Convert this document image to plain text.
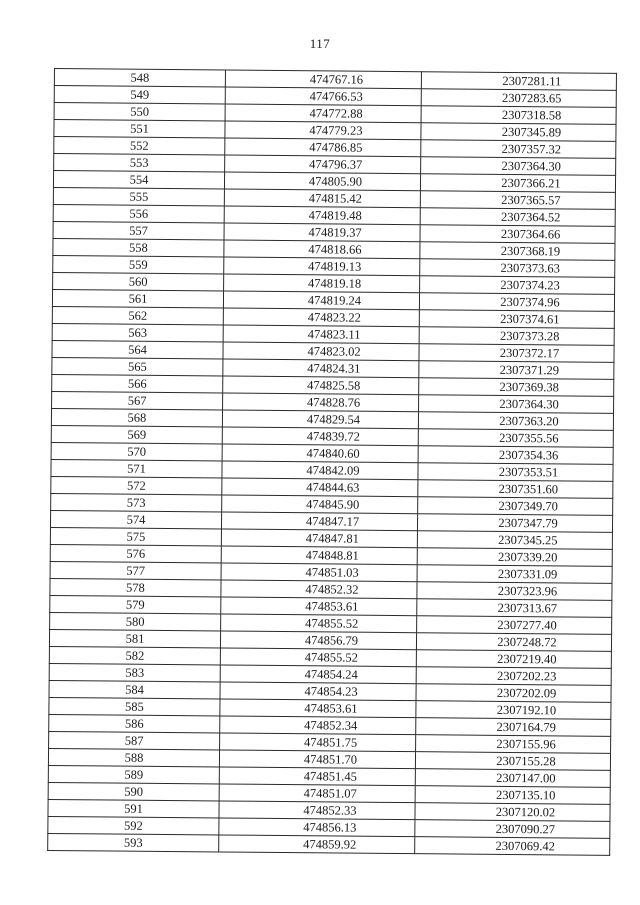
117
548	474767.16	2307281.11
549	474766.53	2307283.65
550	474772.88	2307318.58
551	474779.23	2307345.89
552	474786.85	2307357.32
553	474796.37	2307364.30
554	474805.90	2307366.21
555	474815.42	2307365.57
556	474819.48	2307364.52
557	474819.37	2307364.66
558	474818.66	2307368.19
559	474819.13	2307373.63
560	474819.18	2307374.23
561	474819.24	2307374.96
562	474823.22	2307374.61
563	474823.11	2307373.28
564	474823.02	2307372.17
565	474824.31	2307371.29
566	474825.58	2307369.38
567	474828.76	2307364.30
568	474829.54	2307363.20
569	474839.72	2307355.56
570	474840.60	2307354.36
571	474842.09	2307353.51
572	474844.63	2307351.60
573	474845.90	2307349.70
574	474847.17	2307347.79
575	474847.81	2307345.25
576	474848.81	2307339.20
577	474851.03	2307331.09
578	474852.32	2307323.96
579	474853.61	2307313.67
580	474855.52	2307277.40
581	474856.79	2307248.72
582	474855.52	2307219.40
583	474854.24	2307202.23
584	474854.23	2307202.09
585	474853.61	2307192.10
586	474852.34	2307164.79
587	474851.75	2307155.96
588	474851.70	2307155.28
589	474851.45	2307147.00
590	474851.07	2307135.10
591	474852.33	2307120.02
592	474856.13	2307090.27
593	474859.92	2307069.42
